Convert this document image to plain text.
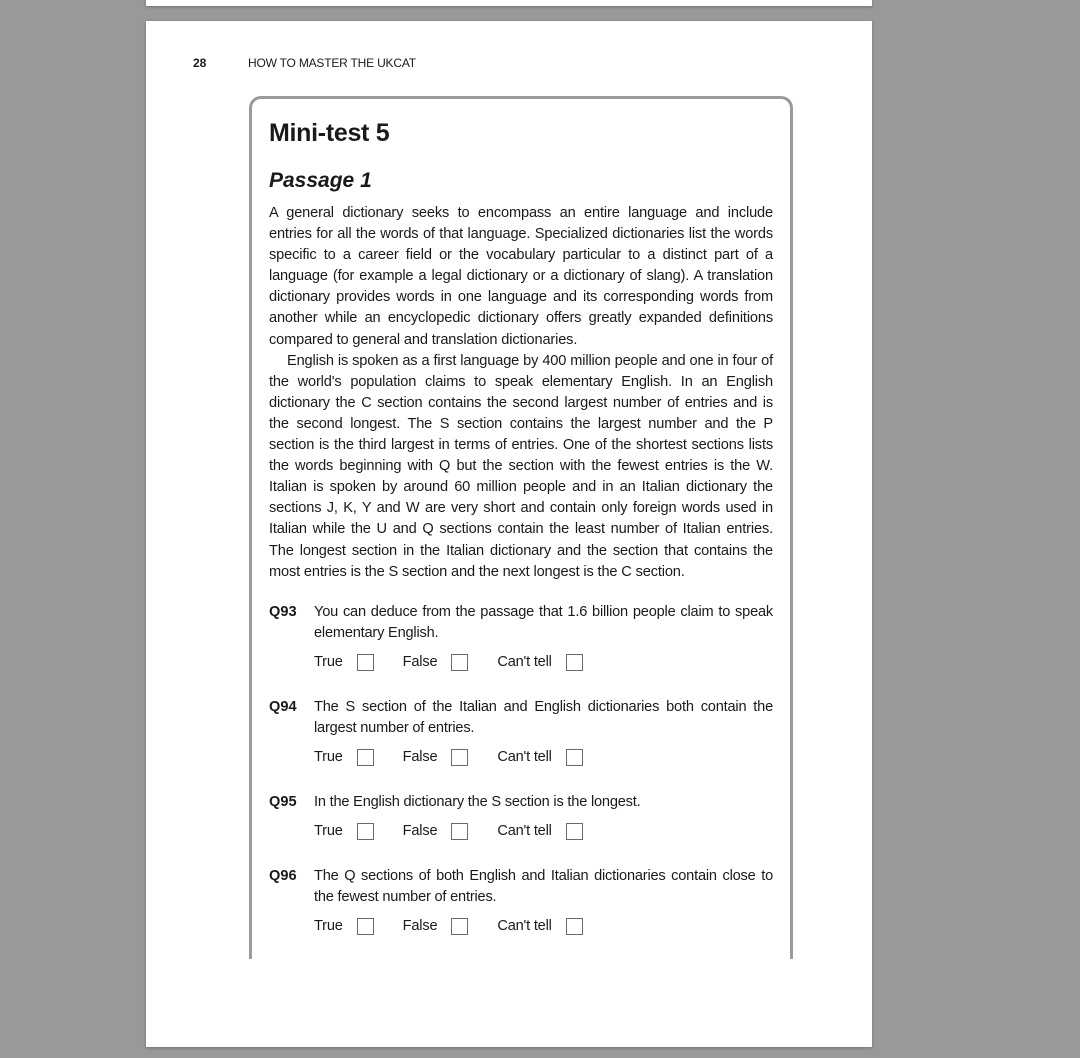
28	HOW TO MASTER THE UKCAT
Mini-test 5
Passage 1

A general dictionary seeks to encompass an entire language and include entries for all the words of that language. Specialized dictionaries list the words specific to a career field or the vocabulary particular to a distinct part of a language (for example a legal dictionary or a dictionary of slang). A translation dictionary provides words in one language and its corresponding words from another while an encyclopedic dictionary offers greatly expanded definitions compared to general and translation dictionaries.

English is spoken as a first language by 400 million people and one in four of the world's population claims to speak elementary English. In an English dictionary the C section contains the second largest number of entries and is the second longest. The S section contains the largest number and the P section is the third largest in terms of entries. One of the shortest sections lists the words beginning with Q but the section with the fewest entries is the W. Italian is spoken by around 60 million people and in an Italian dictionary the sections J, K, Y and W are very short and contain only foreign words used in Italian while the U and Q sections contain the least number of Italian entries. The longest section in the Italian dictionary and the section that contains the most entries is the S section and the next longest is the C section.

Q93 You can deduce from the passage that 1.6 billion people claim to speak elementary English.
True	False	Can't tell
Q94 The S section of the Italian and English dictionaries both contain the largest number of entries.
True	False	Can't tell
Q95 In the English dictionary the S section is the longest.
True	False	Can't tell
Q96 The Q sections of both English and Italian dictionaries contain close to the fewest number of entries.
True	False	Can't tell
